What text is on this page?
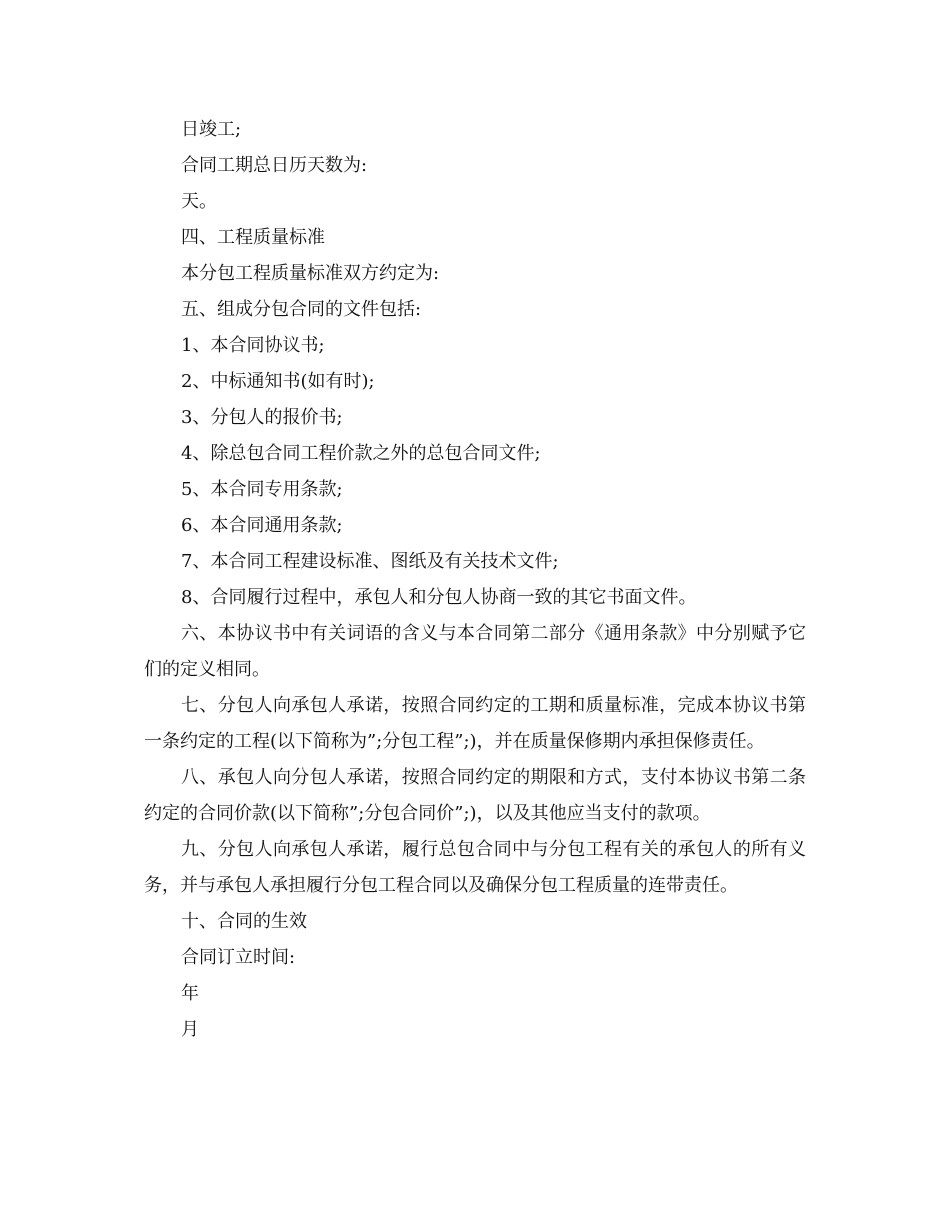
日竣工;

合同工期总日历天数为:

天。

四、工程质量标准

本分包工程质量标准双方约定为:

五、组成分包合同的文件包括:

1、本合同协议书;

2、中标通知书(如有时);

3、分包人的报价书;

4、除总包合同工程价款之外的总包合同文件;

5、本合同专用条款;

6、本合同通用条款;

7、本合同工程建设标准、图纸及有关技术文件;

8、合同履行过程中，承包人和分包人协商一致的其它书面文件。

六、本协议书中有关词语的含义与本合同第二部分《通用条款》中分别赋予它们的定义相同。

七、分包人向承包人承诺，按照合同约定的工期和质量标准，完成本协议书第一条约定的工程(以下简称为”;分包工程”;)，并在质量保修期内承担保修责任。

八、承包人向分包人承诺，按照合同约定的期限和方式，支付本协议书第二条约定的合同价款(以下简称”;分包合同价”;)，以及其他应当支付的款项。

九、分包人向承包人承诺，履行总包合同中与分包工程有关的承包人的所有义务，并与承包人承担履行分包工程合同以及确保分包工程质量的连带责任。

十、合同的生效

合同订立时间:

年

月
